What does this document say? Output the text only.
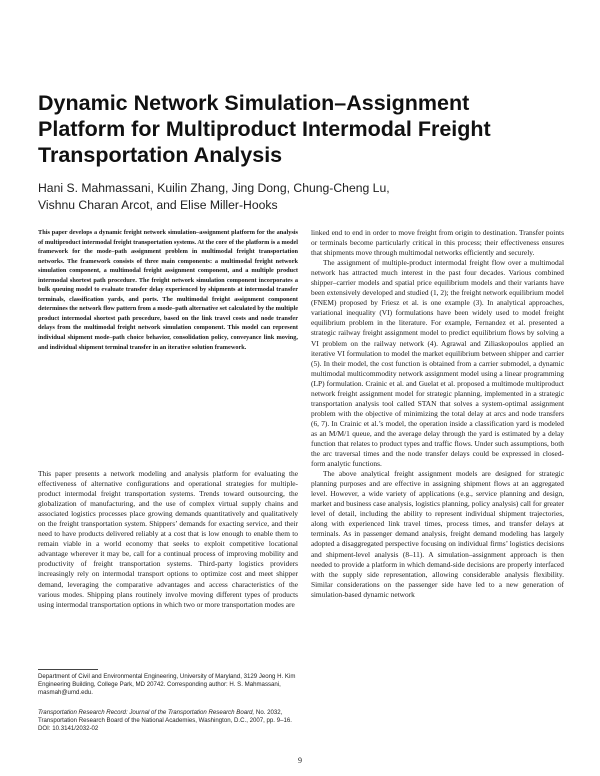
Dynamic Network Simulation–Assignment Platform for Multiproduct Intermodal Freight Transportation Analysis
Hani S. Mahmassani, Kuilin Zhang, Jing Dong, Chung-Cheng Lu,
Vishnu Charan Arcot, and Elise Miller-Hooks

This paper develops a dynamic freight network simulation–assignment platform for the analysis of multiproduct intermodal freight transportation systems. At the core of the platform is a model framework for the mode–path assignment problem in multimodal freight transportation networks. The framework consists of three main components: a multimodal freight network simulation component, a multimodal freight assignment component, and a multiple product intermodal shortest path procedure. The freight network simulation component incorporates a bulk queuing model to evaluate transfer delay experienced by shipments at intermodal transfer terminals, classification yards, and ports. The multimodal freight assignment component determines the network flow pattern from a mode–path alternative set calculated by the multiple product intermodal shortest path procedure, based on the link travel costs and node transfer delays from the multimodal freight network simulation component. This model can represent individual shipment mode–path choice behavior, consolidation policy, conveyance link moving, and individual shipment terminal transfer in an iterative solution framework.

This paper presents a network modeling and analysis platform for evaluating the effectiveness of alternative configurations and operational strategies for multiple-product intermodal freight transportation systems. Trends toward outsourcing, the globalization of manufacturing, and the use of complex virtual supply chains and associated logistics processes place growing demands quantitatively and qualitatively on the freight transportation system. Shippers’ demands for exacting service, and their need to have products delivered reliably at a cost that is low enough to enable them to remain viable in a world economy that seeks to exploit competitive locational advantage wherever it may be, call for a continual process of improving mobility and productivity of freight transportation systems. Third-party logistics providers increasingly rely on intermodal transport options to optimize cost and meet shipper demand, leveraging the comparative advantages and access characteristics of the various modes. Shipping plans routinely involve moving different types of products using intermodal transportation options in which two or more transportation modes are

Department of Civil and Environmental Engineering, University of Maryland, 3129 Jeong H. Kim Engineering Building, College Park, MD 20742. Corresponding author: H. S. Mahmassani, masmah@umd.edu.

Transportation Research Record: Journal of the Transportation Research Board, No. 2032, Transportation Research Board of the National Academies, Washington, D.C., 2007, pp. 9–16.
DOI: 10.3141/2032-02

linked end to end in order to move freight from origin to destination. Transfer points or terminals become particularly critical in this process; their effectiveness ensures that shipments move through multimodal networks efficiently and securely.

The assignment of multiple-product intermodal freight flow over a multimodal network has attracted much interest in the past four decades. Various combined shipper–carrier models and spatial price equilibrium models and their variants have been extensively developed and studied (1, 2); the freight network equilibrium model (FNEM) proposed by Friesz et al. is one example (3). In analytical approaches, variational inequality (VI) formulations have been widely used to model freight equilibrium problem in the literature. For example, Fernandez et al. presented a strategic railway freight assignment model to predict equilibrium flows by solving a VI problem on the railway network (4). Agrawal and Ziliaskopoulos applied an iterative VI formulation to model the market equilibrium between shipper and carrier (5). In their model, the cost function is obtained from a carrier submodel, a dynamic multimodal multicommodity network assignment model using a linear programming (LP) formulation. Crainic et al. and Guelat et al. proposed a multimode multiproduct network freight assignment model for strategic planning, implemented in a strategic transportation analysis tool called STAN that solves a system-optimal assignment problem with the objective of minimizing the total delay at arcs and node transfers (6, 7). In Crainic et al.’s model, the operation inside a classification yard is modeled as an M/M/1 queue, and the average delay through the yard is estimated by a delay function that relates to product types and traffic flows. Under such assumptions, both the arc traversal times and the node transfer delays could be expressed in closed-form analytic functions.

The above analytical freight assignment models are designed for strategic planning purposes and are effective in assigning shipment flows at an aggregated level. However, a wide variety of applications (e.g., service planning and design, market and business case analysis, logistics planning, policy analysis) call for greater level of detail, including the ability to represent individual shipment trajectories, along with experienced link travel times, process times, and transfer delays at terminals. As in passenger demand analysis, freight demand modeling has largely adopted a disaggregated perspective focusing on individual firms’ logistics decisions and shipment-level analysis (8–11). A simulation–assignment approach is then needed to provide a platform in which demand-side decisions are properly interfaced with the supply side representation, allowing considerable analysis flexibility. Similar considerations on the passenger side have led to a new generation of simulation-based dynamic network

9
